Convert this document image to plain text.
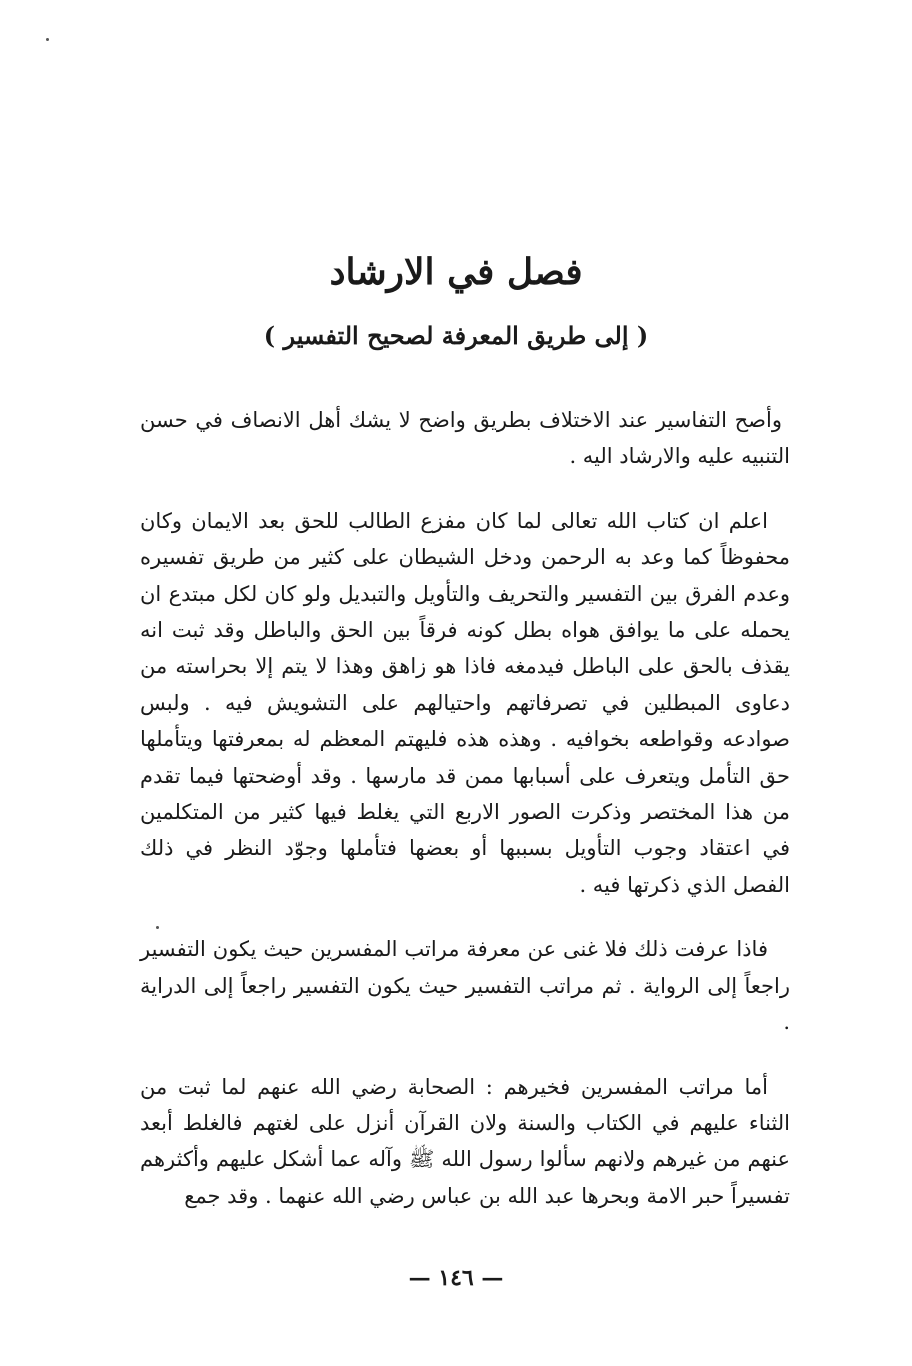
فصل في الارشاد
( إلى طريق المعرفة لصحيح التفسير )

وأصح التفاسير عند الاختلاف بطريق واضح لا يشك أهل الانصاف في حسن التنبيه عليه والارشاد اليه .

اعلم ان كتاب الله تعالى لما كان مفزع الطالب للحق بعد الايمان وكان محفوظاً كما وعد به الرحمن ودخل الشيطان على كثير من طريق تفسيره وعدم الفرق بين التفسير والتحريف والتأويل والتبديل ولو كان لكل مبتدع ان يحمله على ما يوافق هواه بطل كونه فرقاً بين الحق والباطل وقد ثبت انه يقذف بالحق على الباطل فيدمغه فاذا هو زاهق وهذا لا يتم إلا بحراسته من دعاوى المبطلين في تصرفاتهم واحتيالهم على التشويش فيه . ولبس صوادعه وقواطعه بخوافيه . وهذه هذه فليهتم المعظم له بمعرفتها ويتأملها حق التأمل ويتعرف على أسبابها ممن قد مارسها . وقد أوضحتها فيما تقدم من هذا المختصر وذكرت الصور الاربع التي يغلط فيها كثير من المتكلمين في اعتقاد وجوب التأويل بسببها أو بعضها فتأملها وجوّد النظر في ذلك الفصل الذي ذكرتها فيه .

فاذا عرفت ذلك فلا غنى عن معرفة مراتب المفسرين حيث يكون التفسير راجعاً إلى الرواية . ثم مراتب التفسير حيث يكون التفسير راجعاً إلى الدراية .

أما مراتب المفسرين فخيرهم : الصحابة رضي الله عنهم لما ثبت من الثناء عليهم في الكتاب والسنة ولان القرآن أنزل على لغتهم فالغلط أبعد عنهم من غيرهم ولانهم سألوا رسول الله ﷺ وآله عما أشكل عليهم وأكثرهم تفسيراً حبر الامة وبحرها عبد الله بن عباس رضي الله عنهما . وقد جمع

— ١٤٦ —
